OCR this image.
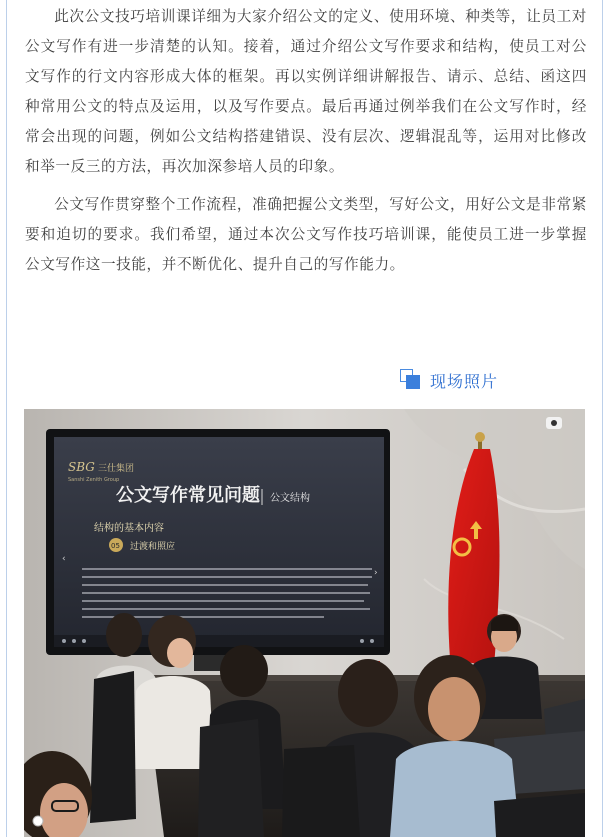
此次公文技巧培训课详细为大家介绍公文的定义、使用环境、种类等，让员工对公文写作有进一步清楚的认知。接着，通过介绍公文写作要求和结构，使员工对公文写作的行文内容形成大体的框架。再以实例详细讲解报告、请示、总结、函这四种常用公文的特点及运用，以及写作要点。最后再通过例举我们在公文写作时，经常会出现的问题，例如公文结构搭建错误、没有层次、逻辑混乱等，运用对比修改和举一反三的方法，再次加深参培人员的印象。

公文写作贯穿整个工作流程，准确把握公文类型，写好公文，用好公文是非常紧要和迫切的要求。我们希望，通过本次公文写作技巧培训课，能使员工进一步掌握公文写作这一技能，并不断优化、提升自己的写作能力。

现场照片
SBG 三仕集团
Sanshi Zenith Group
公文写作常见问题 公文结构
结构的基本内容
05 过渡和照应
‹
›
